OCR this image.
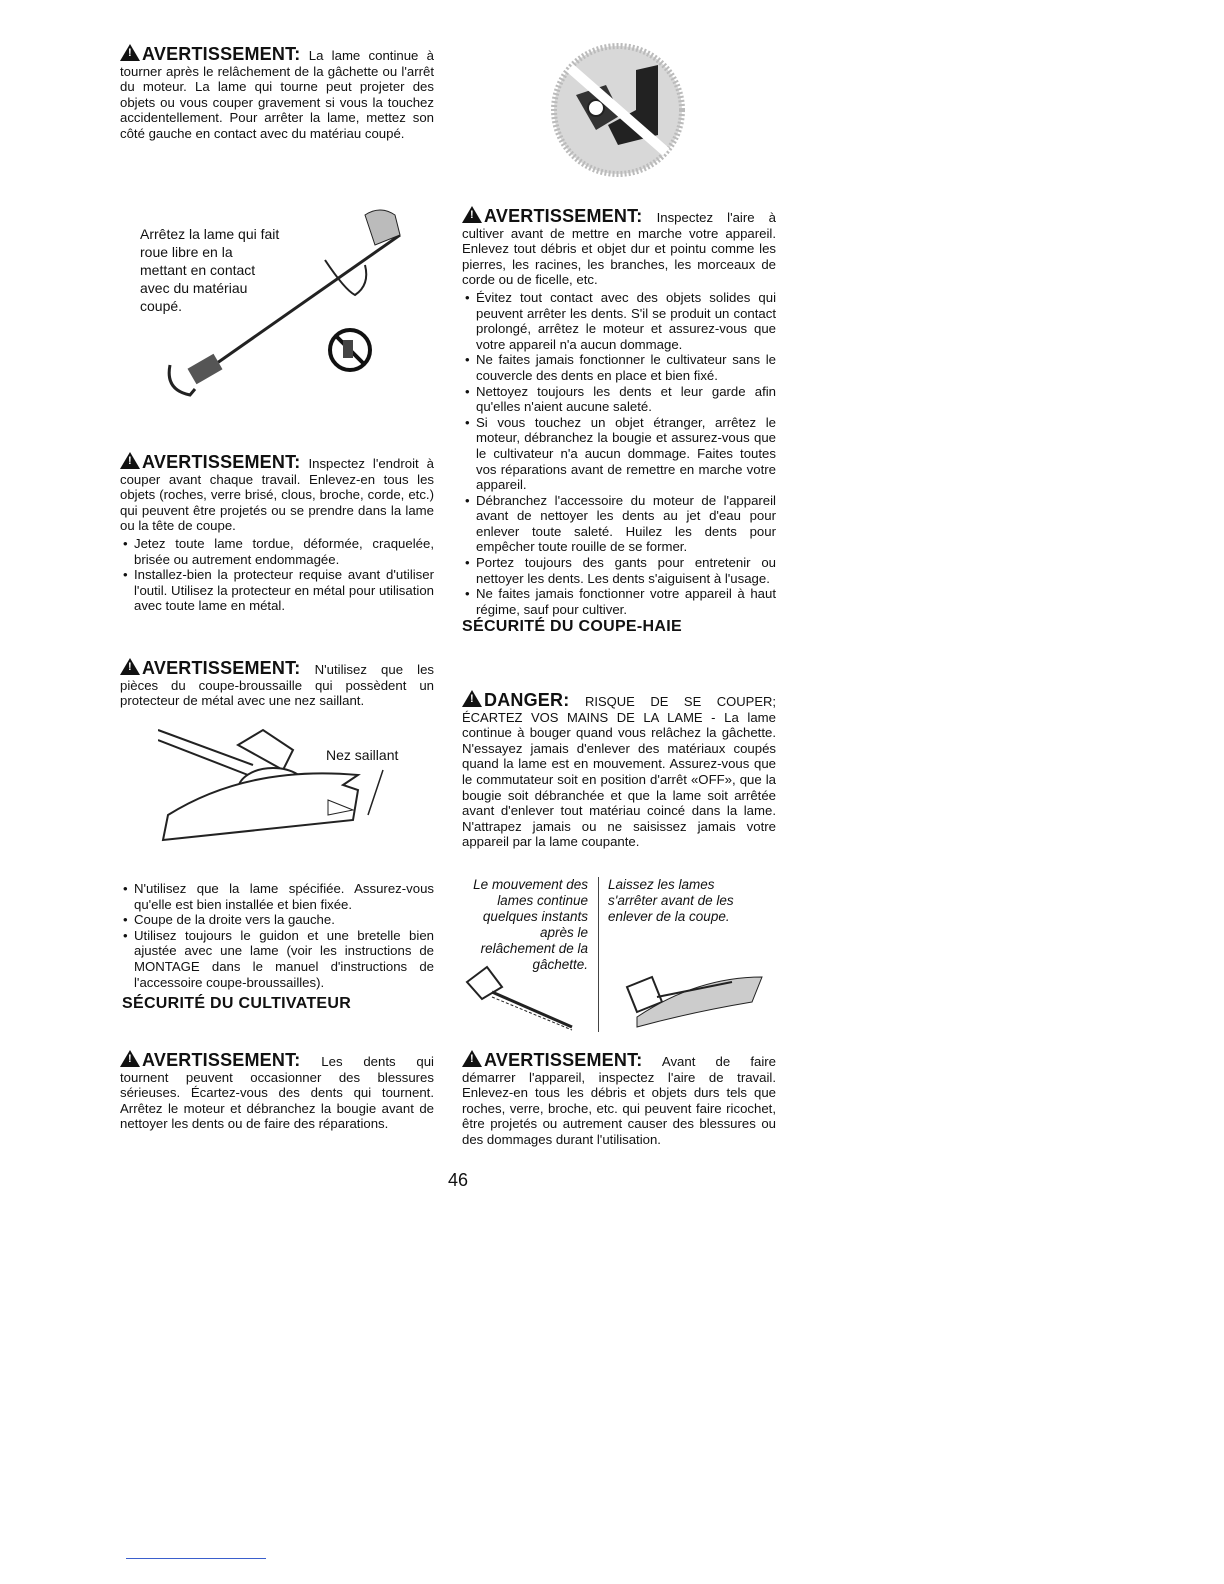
!AVERTISSEMENT: La lame continue à tourner après le relâchement de la gâchette ou l'arrêt du moteur. La lame qui tourne peut projeter des objets ou vous couper gravement si vous la touchez accidentellement. Pour arrêter la lame, mettez son côté gauche en contact avec du matériau coupé.

Arrêtez la lame qui fait roue libre en la mettant en contact avec du matériau coupé.

!AVERTISSEMENT: Inspectez l'endroit à couper avant chaque travail. Enlevez-en tous les objets (roches, verre brisé, clous, broche, corde, etc.) qui peuvent être projetés ou se prendre dans la lame ou la tête de coupe.

• Jetez toute lame tordue, déformée, craquelée, brisée ou autrement endommagée.
• Installez-bien la protecteur requise avant d'utiliser l'outil. Utilisez la protecteur en métal pour utilisation avec toute lame en métal.

!AVERTISSEMENT: N'utilisez que les pièces du coupe-broussaille qui possèdent un protecteur de métal avec une nez saillant.

Nez saillant
• N'utilisez que la lame spécifiée. Assurez-vous qu'elle est bien installée et bien fixée.
• Coupe de la droite vers la gauche.
• Utilisez toujours le guidon et une bretelle bien ajustée avec une lame (voir les instructions de MONTAGE dans le manuel d'instructions de l'accessoire coupe-broussailles).

SÉCURITÉ DU CULTIVATEUR

!AVERTISSEMENT: Les dents qui tournent peuvent occasionner des blessures sérieuses. Écartez-vous des dents qui tournent. Arrêtez le moteur et débranchez la bougie avant de nettoyer les dents ou de faire des réparations.

!AVERTISSEMENT: Inspectez l'aire à cultiver avant de mettre en marche votre appareil. Enlevez tout débris et objet dur et pointu comme les pierres, les racines, les branches, les morceaux de corde ou de ficelle, etc.

• Évitez tout contact avec des objets solides qui peuvent arrêter les dents. S'il se produit un contact prolongé, arrêtez le moteur et assurez-vous que votre appareil n'a aucun dommage.
• Ne faites jamais fonctionner le cultivateur sans le couvercle des dents en place et bien fixé.
• Nettoyez toujours les dents et leur garde afin qu'elles n'aient aucune saleté.
• Si vous touchez un objet étranger, arrêtez le moteur, débranchez la bougie et assurez-vous que le cultivateur n'a aucun dommage. Faites toutes vos réparations avant de remettre en marche votre appareil.
• Débranchez l'accessoire du moteur de l'appareil avant de nettoyer les dents au jet d'eau pour enlever toute saleté. Huilez les dents pour empêcher toute rouille de se former.
• Portez toujours des gants pour entretenir ou nettoyer les dents. Les dents s'aiguisent à l'usage.
• Ne faites jamais fonctionner votre appareil à haut régime, sauf pour cultiver.

SÉCURITÉ DU COUPE-HAIE

!DANGER: RISQUE DE SE COUPER; ÉCARTEZ VOS MAINS DE LA LAME - La lame continue à bouger quand vous relâchez la gâchette. N'essayez jamais d'enlever des matériaux coupés quand la lame est en mouvement. Assurez-vous que le commutateur soit en position d'arrêt «OFF», que la bougie soit débranchée et que la lame soit arrêtée avant d'enlever tout matériau coincé dans la lame. N'attrapez jamais ou ne saisissez jamais votre appareil par la lame coupante.

Le mouvement des lames continue quelques instants après le relâchement de la gâchette.
Laissez les lames s'arrêter avant de les enlever de la coupe.

!AVERTISSEMENT: Avant de faire démarrer l'appareil, inspectez l'aire de travail. Enlevez-en tous les débris et objets durs tels que roches, verre, broche, etc. qui peuvent faire ricochet, être projetés ou autrement causer des blessures ou des dommages durant l'utilisation.

46
